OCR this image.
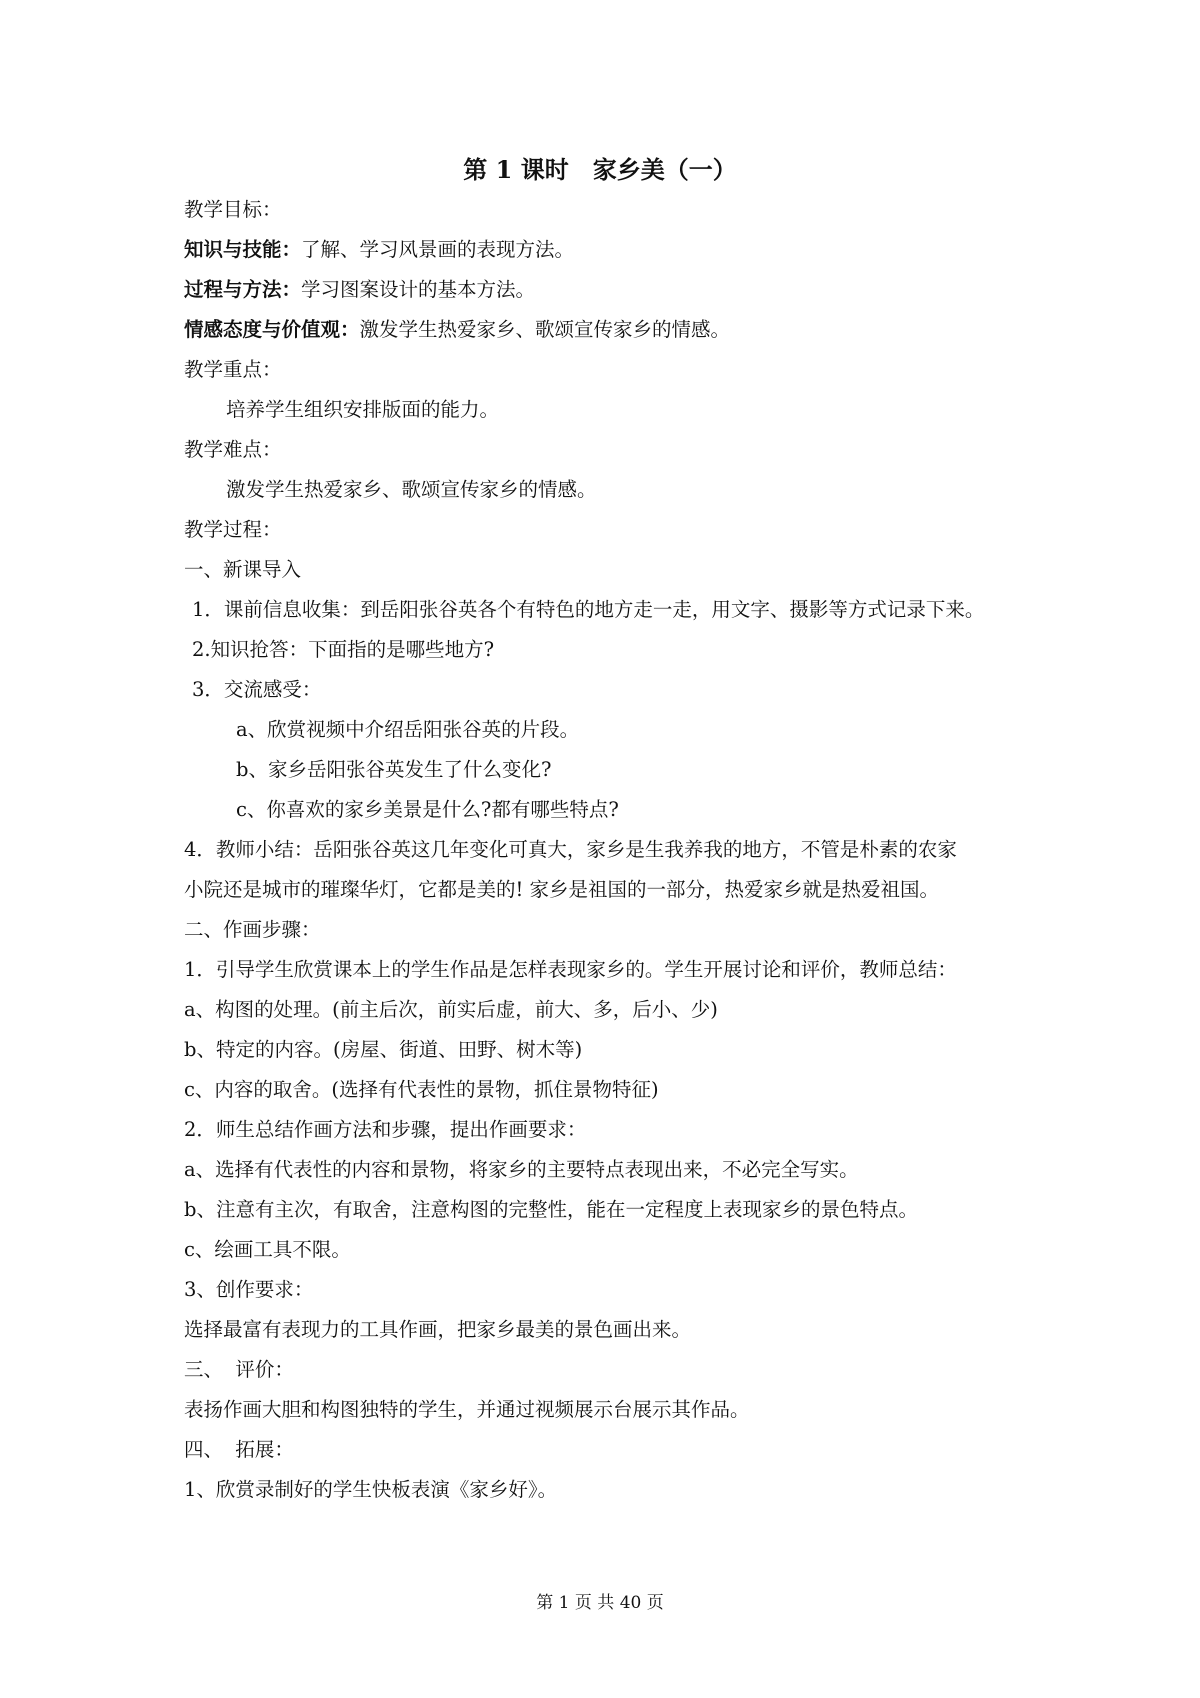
第 1 课时　家乡美（一）
教学目标：
知识与技能：了解、学习风景画的表现方法。
过程与方法：学习图案设计的基本方法。
情感态度与价值观：激发学生热爱家乡、歌颂宣传家乡的情感。
教学重点：
培养学生组织安排版面的能力。
教学难点：
激发学生热爱家乡、歌颂宣传家乡的情感。
教学过程：
一、新课导入
1．课前信息收集：到岳阳张谷英各个有特色的地方走一走，用文字、摄影等方式记录下来。
2.知识抢答：下面指的是哪些地方?
3．交流感受：
a、欣赏视频中介绍岳阳张谷英的片段。
b、家乡岳阳张谷英发生了什么变化?
c、你喜欢的家乡美景是什么?都有哪些特点?
4．教师小结：岳阳张谷英这几年变化可真大，家乡是生我养我的地方，不管是朴素的农家
小院还是城市的璀璨华灯，它都是美的! 家乡是祖国的一部分，热爱家乡就是热爱祖国。
二、作画步骤：
1．引导学生欣赏课本上的学生作品是怎样表现家乡的。学生开展讨论和评价，教师总结：
a、构图的处理。(前主后次，前实后虚，前大、多，后小、少)
b、特定的内容。(房屋、街道、田野、树木等)
c、内容的取舍。(选择有代表性的景物，抓住景物特征)
2．师生总结作画方法和步骤，提出作画要求：
a、选择有代表性的内容和景物，将家乡的主要特点表现出来，不必完全写实。
b、注意有主次，有取舍，注意构图的完整性，能在一定程度上表现家乡的景色特点。
c、绘画工具不限。
3、创作要求：
选择最富有表现力的工具作画，把家乡最美的景色画出来。
三、  评价：
表扬作画大胆和构图独特的学生，并通过视频展示台展示其作品。
四、  拓展：
1、欣赏录制好的学生快板表演《家乡好》。
第 1 页 共 40 页
